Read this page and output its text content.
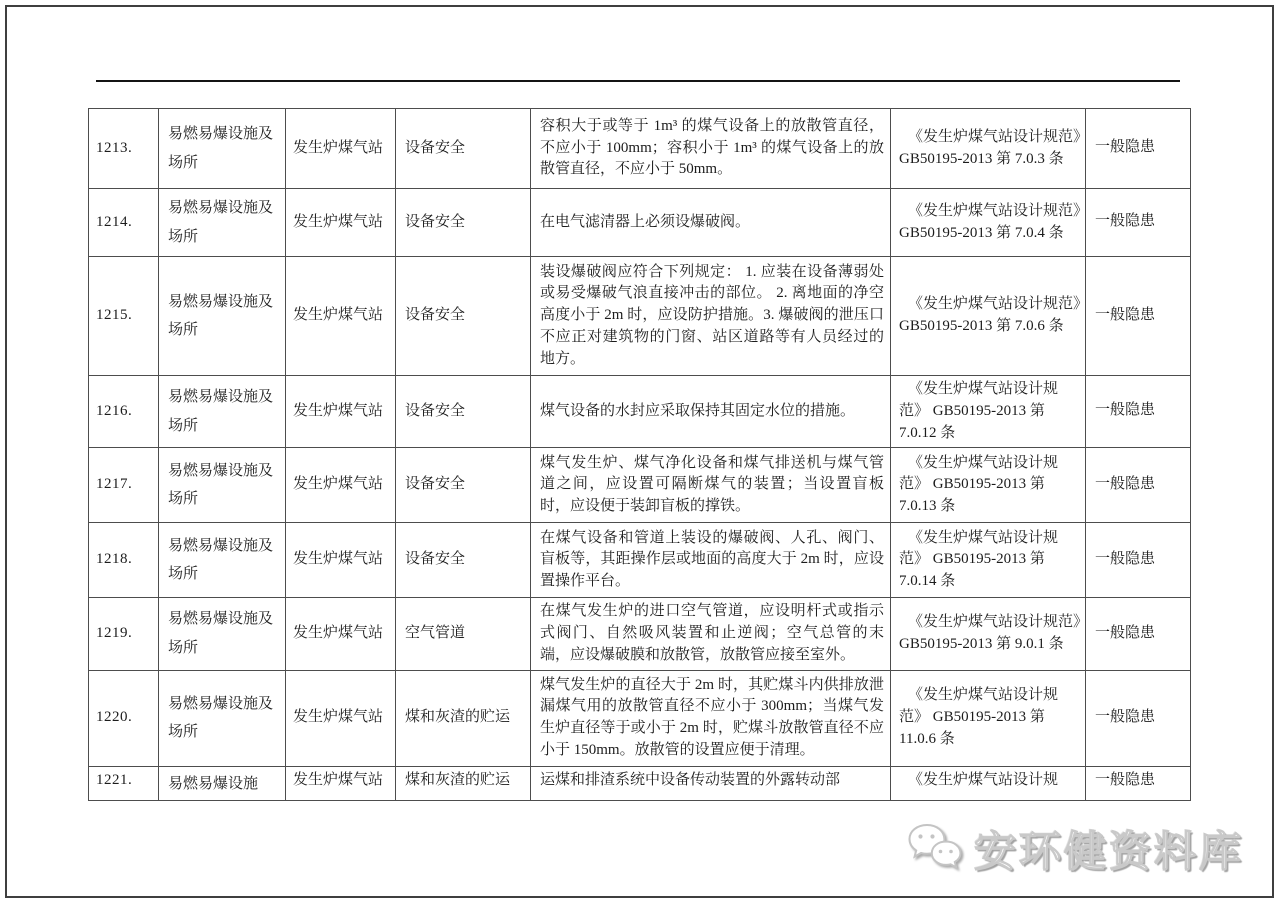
1213.	易燃易爆设施及场所	发生炉煤气站	设备安全	容积大于或等于 1m³ 的煤气设备上的放散管直径，不应小于 100mm；容积小于 1m³ 的煤气设备上的放散管直径，不应小于 50mm。	《发生炉煤气站设计规范》GB50195-2013 第 7.0.3 条	一般隐患
1214.	易燃易爆设施及场所	发生炉煤气站	设备安全	在电气滤清器上必须设爆破阀。	《发生炉煤气站设计规范》GB50195-2013 第 7.0.4 条	一般隐患
1215.	易燃易爆设施及场所	发生炉煤气站	设备安全	装设爆破阀应符合下列规定： 1. 应装在设备薄弱处或易受爆破气浪直接冲击的部位。 2. 离地面的净空高度小于 2m 时，应设防护措施。3. 爆破阀的泄压口不应正对建筑物的门窗、站区道路等有人员经过的地方。	《发生炉煤气站设计规范》GB50195-2013 第 7.0.6 条	一般隐患
1216.	易燃易爆设施及场所	发生炉煤气站	设备安全	煤气设备的水封应采取保持其固定水位的措施。	《发生炉煤气站设计规范》 GB50195-2013 第 7.0.12 条	一般隐患
1217.	易燃易爆设施及场所	发生炉煤气站	设备安全	煤气发生炉、煤气净化设备和煤气排送机与煤气管道之间，应设置可隔断煤气的装置；当设置盲板时，应设便于装卸盲板的撑铁。	《发生炉煤气站设计规范》 GB50195-2013 第 7.0.13 条	一般隐患
1218.	易燃易爆设施及场所	发生炉煤气站	设备安全	在煤气设备和管道上装设的爆破阀、人孔、阀门、盲板等，其距操作层或地面的高度大于 2m 时，应设置操作平台。	《发生炉煤气站设计规范》 GB50195-2013 第 7.0.14 条	一般隐患
1219.	易燃易爆设施及场所	发生炉煤气站	空气管道	在煤气发生炉的进口空气管道，应设明杆式或指示式阀门、自然吸风装置和止逆阀；空气总管的末端，应设爆破膜和放散管，放散管应接至室外。	《发生炉煤气站设计规范》GB50195-2013 第 9.0.1 条	一般隐患
1220.	易燃易爆设施及场所	发生炉煤气站	煤和灰渣的贮运	煤气发生炉的直径大于 2m 时，其贮煤斗内供排放泄漏煤气用的放散管直径不应小于 300mm；当煤气发生炉直径等于或小于 2m 时，贮煤斗放散管直径不应小于 150mm。放散管的设置应便于清理。	《发生炉煤气站设计规范》 GB50195-2013 第 11.0.6 条	一般隐患
1221.	易燃易爆设施	发生炉煤气站	煤和灰渣的贮运	运煤和排渣系统中设备传动装置的外露转动部	《发生炉煤气站设计规	一般隐患
安环健资料库
